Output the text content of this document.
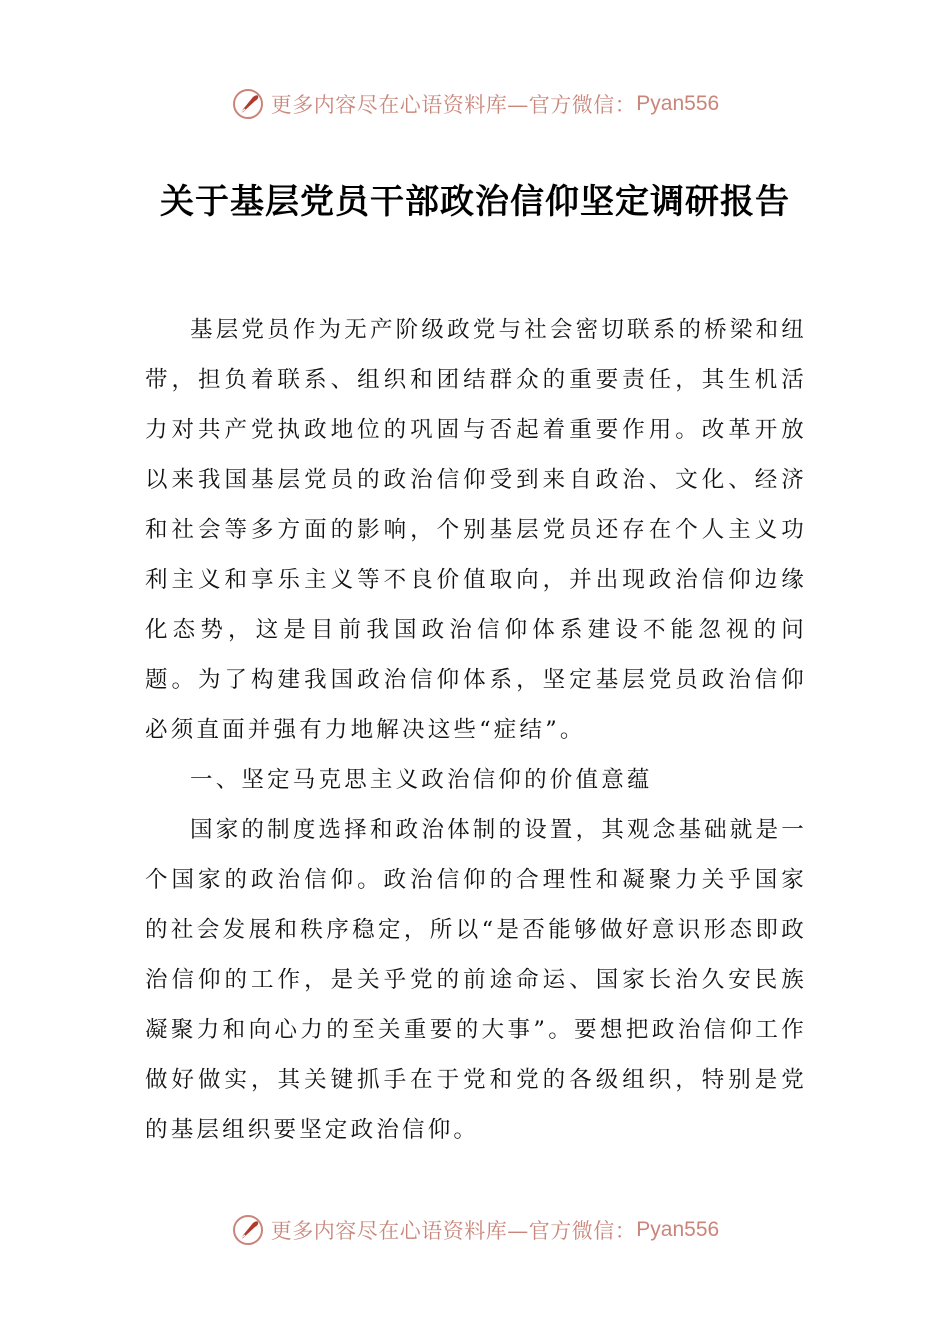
更多内容尽在心语资料库—官方微信： Pyan556
关于基层党员干部政治信仰坚定调研报告

基层党员作为无产阶级政党与社会密切联系的桥梁和纽带，担负着联系、组织和团结群众的重要责任，其生机活力对共产党执政地位的巩固与否起着重要作用。改革开放以来我国基层党员的政治信仰受到来自政治、文化、经济和社会等多方面的影响，个别基层党员还存在个人主义功利主义和享乐主义等不良价值取向，并出现政治信仰边缘化态势，这是目前我国政治信仰体系建设不能忽视的问题。为了构建我国政治信仰体系，坚定基层党员政治信仰必须直面并强有力地解决这些“症结”。

一、坚定马克思主义政治信仰的价值意蕴

国家的制度选择和政治体制的设置，其观念基础就是一个国家的政治信仰。政治信仰的合理性和凝聚力关乎国家的社会发展和秩序稳定，所以“是否能够做好意识形态即政治信仰的工作，是关乎党的前途命运、国家长治久安民族凝聚力和向心力的至关重要的大事”。要想把政治信仰工作做好做实，其关键抓手在于党和党的各级组织，特别是党的基层组织要坚定政治信仰。

更多内容尽在心语资料库—官方微信： Pyan556
